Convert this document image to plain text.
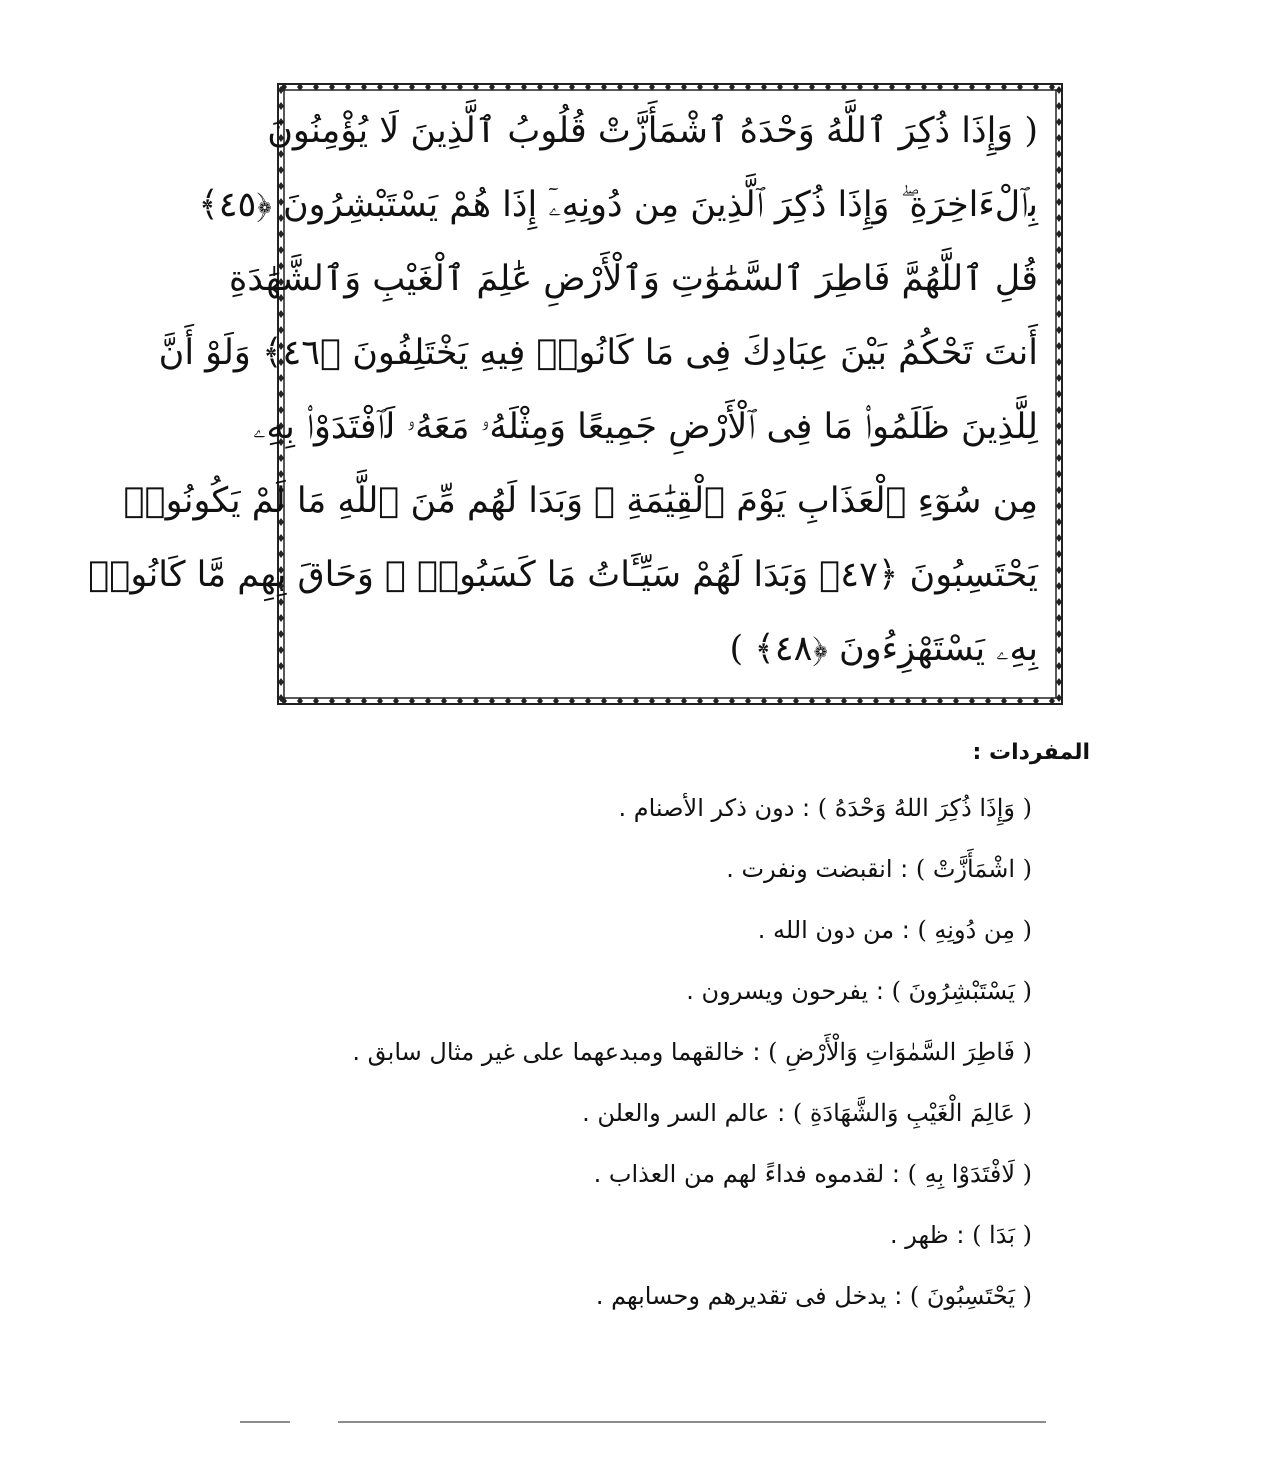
( وَإِذَا ذُكِرَ ٱللَّهُ وَحْدَهُ ٱشْمَأَزَّتْ قُلُوبُ ٱلَّذِينَ لَا يُؤْمِنُونَ
بِٱلْءَاخِرَةِ ۖ وَإِذَا ذُكِرَ ٱلَّذِينَ مِن دُونِهِۦٓ إِذَا هُمْ يَسْتَبْشِرُونَ ﴿٤٥﴾
قُلِ ٱللَّهُمَّ فَاطِرَ ٱلسَّمَٰوَٰتِ وَٱلْأَرْضِ عَٰلِمَ ٱلْغَيْبِ وَٱلشَّهَٰدَةِ
أَنتَ تَحْكُمُ بَيْنَ عِبَادِكَ فِى مَا كَانُوا۟ فِيهِ يَخْتَلِفُونَ ﴿٤٦﴾ وَلَوْ أَنَّ
لِلَّذِينَ ظَلَمُوا۟ مَا فِى ٱلْأَرْضِ جَمِيعًا وَمِثْلَهُۥ مَعَهُۥ لَٱفْتَدَوْا۟ بِهِۦ
مِن سُوٓءِ ٱلْعَذَابِ يَوْمَ ٱلْقِيَٰمَةِ ۚ وَبَدَا لَهُم مِّنَ ٱللَّهِ مَا لَمْ يَكُونُوا۟
يَحْتَسِبُونَ ﴿٤٧﴾ وَبَدَا لَهُمْ سَيِّـَٔاتُ مَا كَسَبُوا۟ ۖ وَحَاقَ بِهِم مَّا كَانُوا۟
بِهِۦ يَسْتَهْزِءُونَ ﴿٤٨﴾ )
المفردات :
( وَإِذَا ذُكِرَ اللهُ وَحْدَهُ ) : دون ذكر الأصنام .
( اشْمَأَزَّتْ ) : انقبضت ونفرت .
( مِن دُونِهِ ) : من دون الله .
( يَسْتَبْشِرُونَ ) : يفرحون ويسرون .
( فَاطِرَ السَّمٰوَاتِ وَالْأَرْضِ ) : خالقهما ومبدعهما على غير مثال سابق .
( عَالِمَ الْغَيْبِ وَالشَّهَادَةِ ) : عالم السر والعلن .
( لَافْتَدَوْا بِهِ ) : لقدموه فداءً لهم من العذاب .
( بَدَا ) : ظهر .
( يَحْتَسِبُونَ ) : يدخل فى تقديرهم وحسابهم .
